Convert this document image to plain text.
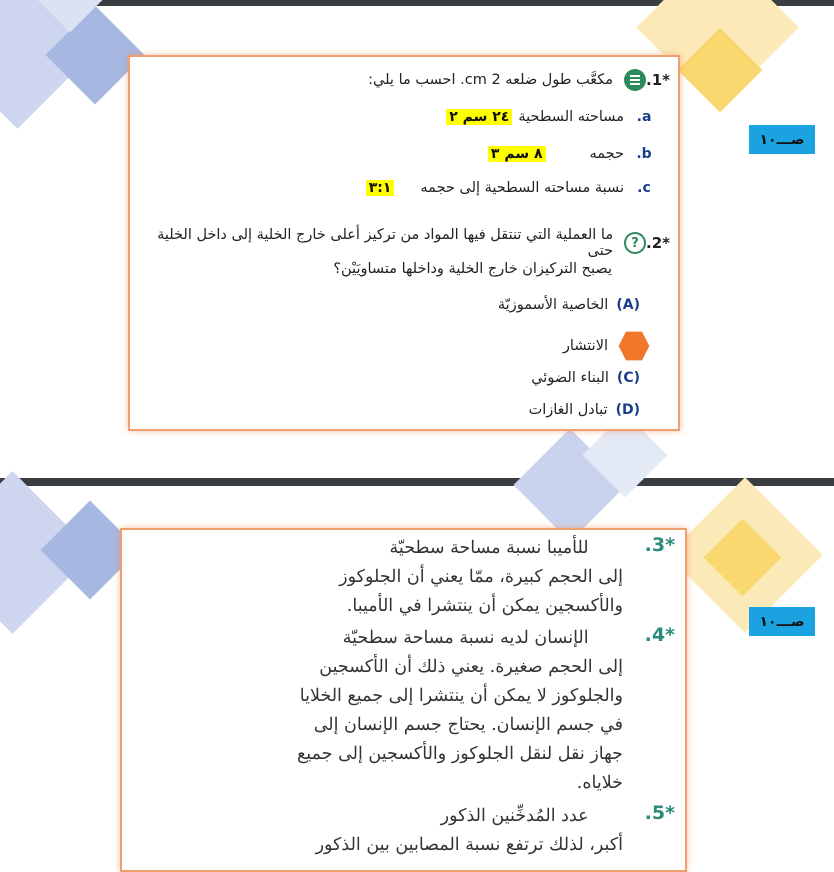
صـــ١٠
صـــ١٠
*1.
مكعَّب طول ضلعه 2 cm. احسب ما يلي:
a.
مساحته السطحية
٢٤ سم ٢
b.
حجمه
٨ سم ٣
c.
نسبة مساحته السطحية إلى حجمه
٣:١
*2.
?
ما العملية التي تنتقل فيها المواد من تركيز أعلى خارج الخلية إلى داخل الخلية حتى
يصبح التركيزان خارج الخلية وداخلها متساويَيْن؟
(A)
الخاصية الأسموزيّة
الانتشار
(C)
البناء الضوئي
(D)
تبادل الغازات
*3.
للأميبا نسبة مساحة سطحيّة
إلى الحجم كبيرة، ممّا يعني أن الجلوكوز
والأكسجين يمكن أن ينتشرا في الأميبا.
*4.
الإنسان لديه نسبة مساحة سطحيّة
إلى الحجم صغيرة. يعني ذلك أن الأكسجين
والجلوكوز لا يمكن أن ينتشرا إلى جميع الخلايا
في جسم الإنسان. يحتاج جسم الإنسان إلى
جهاز نقل لنقل الجلوكوز والأكسجين إلى جميع
خلاياه.
*5.
عدد المُدخِّنين الذكور
أكبر، لذلك ترتفع نسبة المصابين بين الذكور
